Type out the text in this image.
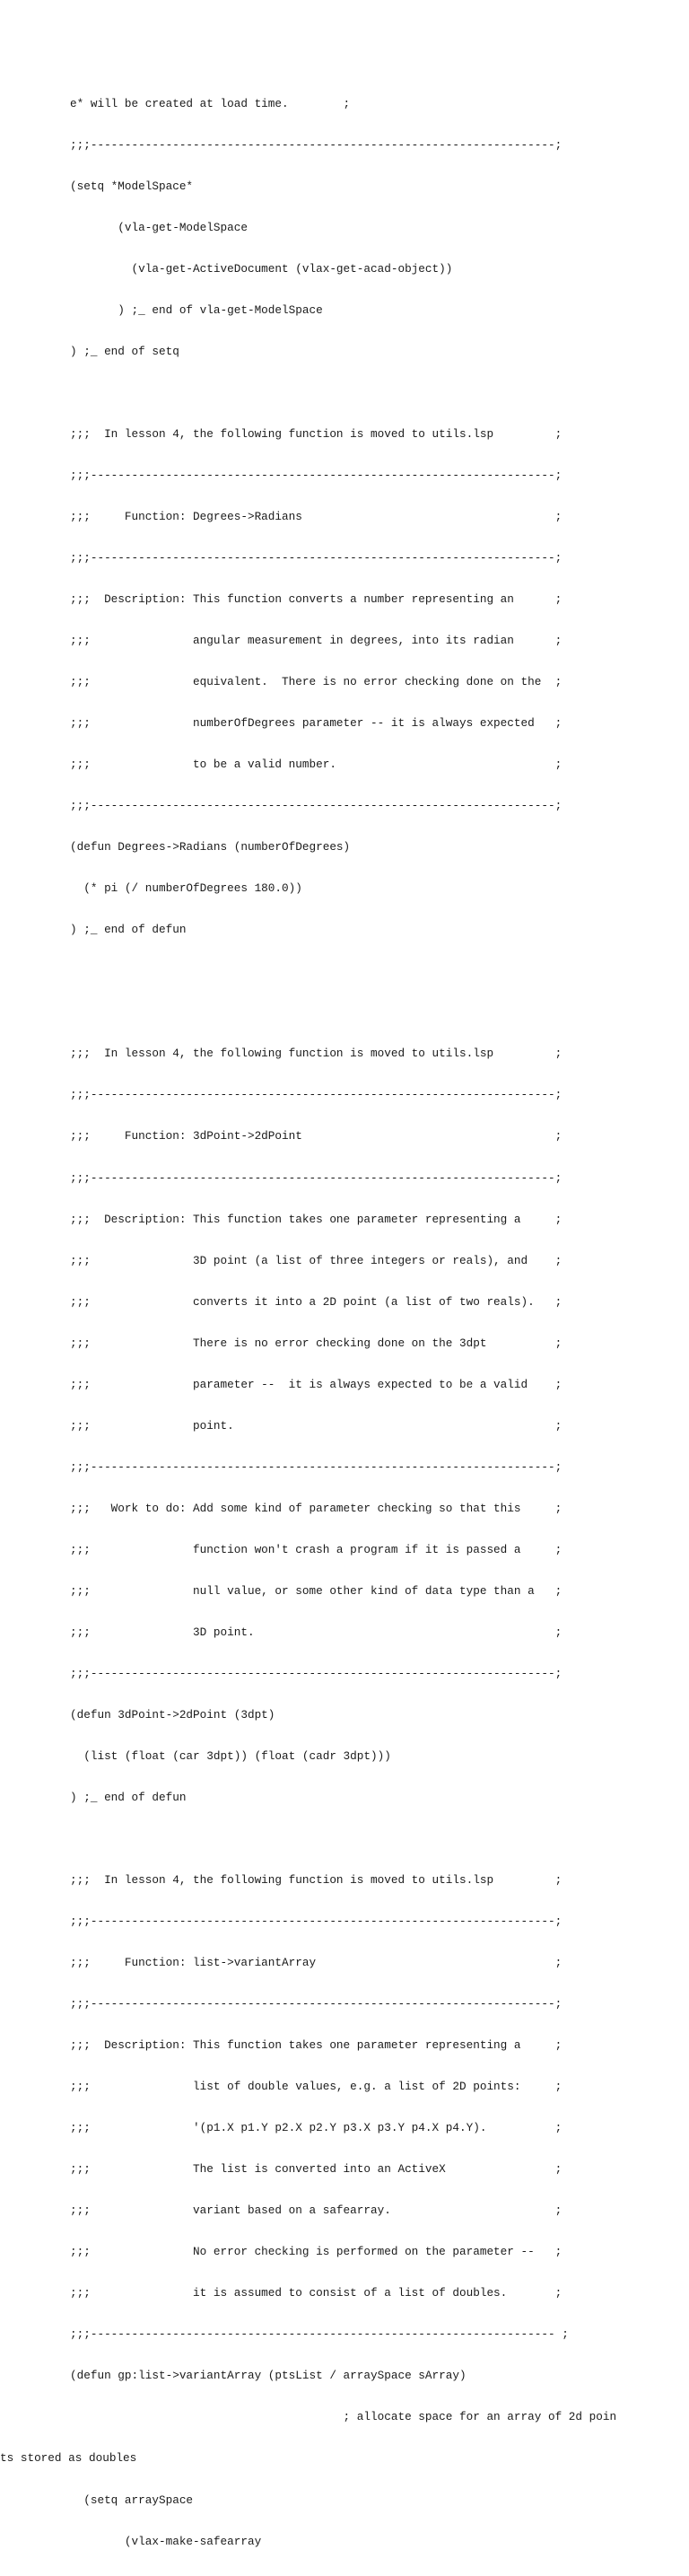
e* will be created at load time.        ;

;;;--------------------------------------------------------------------;

(setq *ModelSpace*

(vla-get-ModelSpace

(vla-get-ActiveDocument (vlax-get-acad-object))

) ;_ end of vla-get-ModelSpace

) ;_ end of setq

;;;  In lesson 4, the following function is moved to utils.lsp         ;

;;;--------------------------------------------------------------------;

;;;     Function: Degrees->Radians                                     ;

;;;--------------------------------------------------------------------;

;;;  Description: This function converts a number representing an      ;

;;;               angular measurement in degrees, into its radian      ;

;;;               equivalent.  There is no error checking done on the  ;

;;;               numberOfDegrees parameter -- it is always expected   ;

;;;               to be a valid number.                                ;

;;;--------------------------------------------------------------------;

(defun Degrees->Radians (numberOfDegrees)

(* pi (/ numberOfDegrees 180.0))

) ;_ end of defun

;;;  In lesson 4, the following function is moved to utils.lsp         ;

;;;--------------------------------------------------------------------;

;;;     Function: 3dPoint->2dPoint                                     ;

;;;--------------------------------------------------------------------;

;;;  Description: This function takes one parameter representing a     ;

;;;               3D point (a list of three integers or reals), and    ;

;;;               converts it into a 2D point (a list of two reals).   ;

;;;               There is no error checking done on the 3dpt          ;

;;;               parameter --  it is always expected to be a valid    ;

;;;               point.                                               ;

;;;--------------------------------------------------------------------;

;;;   Work to do: Add some kind of parameter checking so that this     ;

;;;               function won't crash a program if it is passed a     ;

;;;               null value, or some other kind of data type than a   ;

;;;               3D point.                                            ;

;;;--------------------------------------------------------------------;

(defun 3dPoint->2dPoint (3dpt)

(list (float (car 3dpt)) (float (cadr 3dpt)))

) ;_ end of defun

;;;  In lesson 4, the following function is moved to utils.lsp         ;

;;;--------------------------------------------------------------------;

;;;     Function: list->variantArray                                   ;

;;;--------------------------------------------------------------------;

;;;  Description: This function takes one parameter representing a     ;

;;;               list of double values, e.g. a list of 2D points:     ;

;;;               '(p1.X p1.Y p2.X p2.Y p3.X p3.Y p4.X p4.Y).          ;

;;;               The list is converted into an ActiveX                ;

;;;               variant based on a safearray.                        ;

;;;               No error checking is performed on the parameter --   ;

;;;               it is assumed to consist of a list of doubles.       ;

;;;-------------------------------------------------------------------- ;

(defun gp:list->variantArray (ptsList / arraySpace sArray)

; allocate space for an array of 2d poin

ts stored as doubles

(setq arraySpace

(vlax-make-safearray
